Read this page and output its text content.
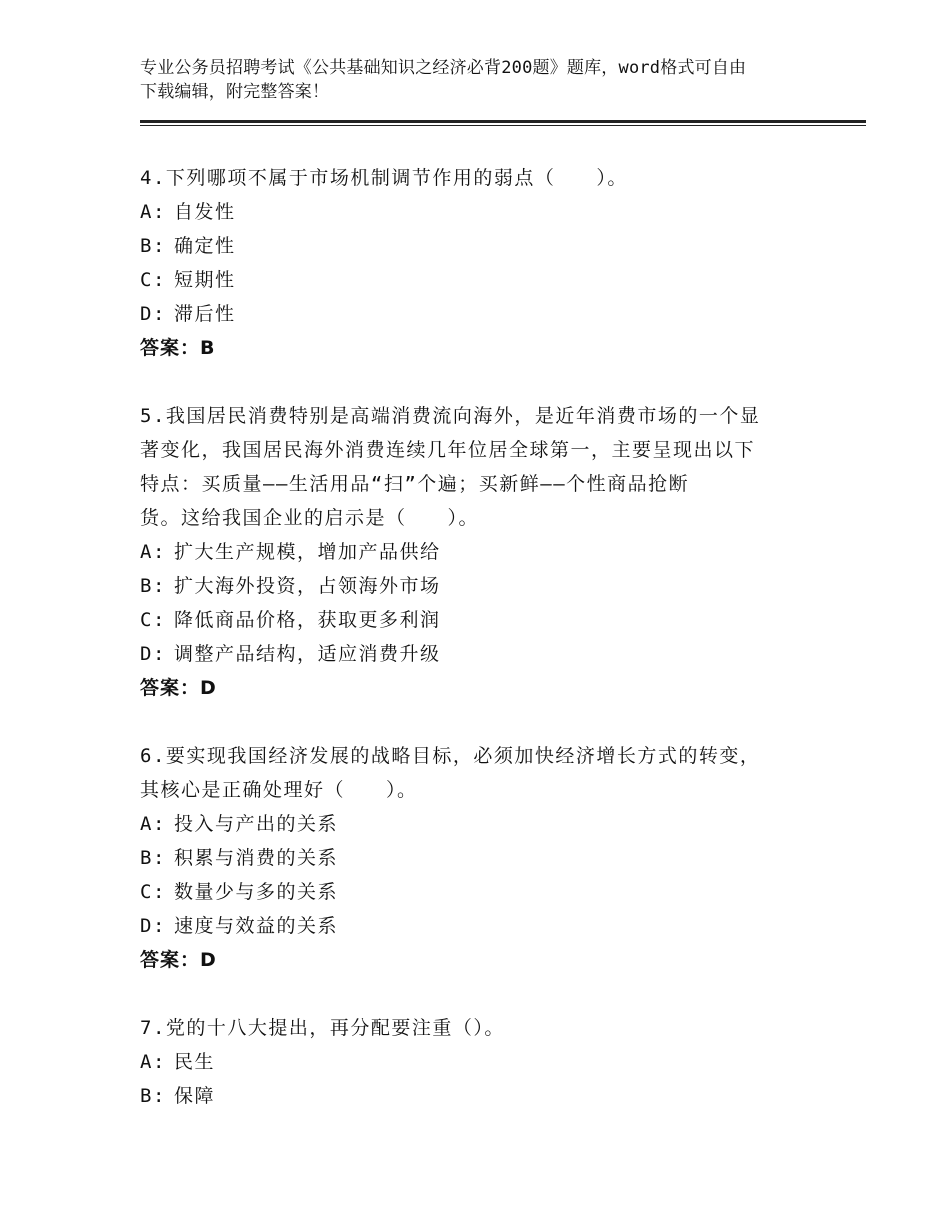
专业公务员招聘考试《公共基础知识之经济必背200题》题库，word格式可自由
下载编辑，附完整答案！
4.下列哪项不属于市场机制调节作用的弱点（　　）。
A: 自发性
B: 确定性
C: 短期性
D: 滞后性
答案：B
5.我国居民消费特别是高端消费流向海外，是近年消费市场的一个显
著变化，我国居民海外消费连续几年位居全球第一，主要呈现出以下
特点：买质量——生活用品“扫”个遍；买新鲜——个性商品抢断
货。这给我国企业的启示是（　　）。
A: 扩大生产规模，增加产品供给
B: 扩大海外投资，占领海外市场
C: 降低商品价格，获取更多利润
D: 调整产品结构，适应消费升级
答案：D
6.要实现我国经济发展的战略目标，必须加快经济增长方式的转变，
其核心是正确处理好（　　）。
A: 投入与产出的关系
B: 积累与消费的关系
C: 数量少与多的关系
D: 速度与效益的关系
答案：D
7.党的十八大提出，再分配要注重（）。
A: 民生
B: 保障
